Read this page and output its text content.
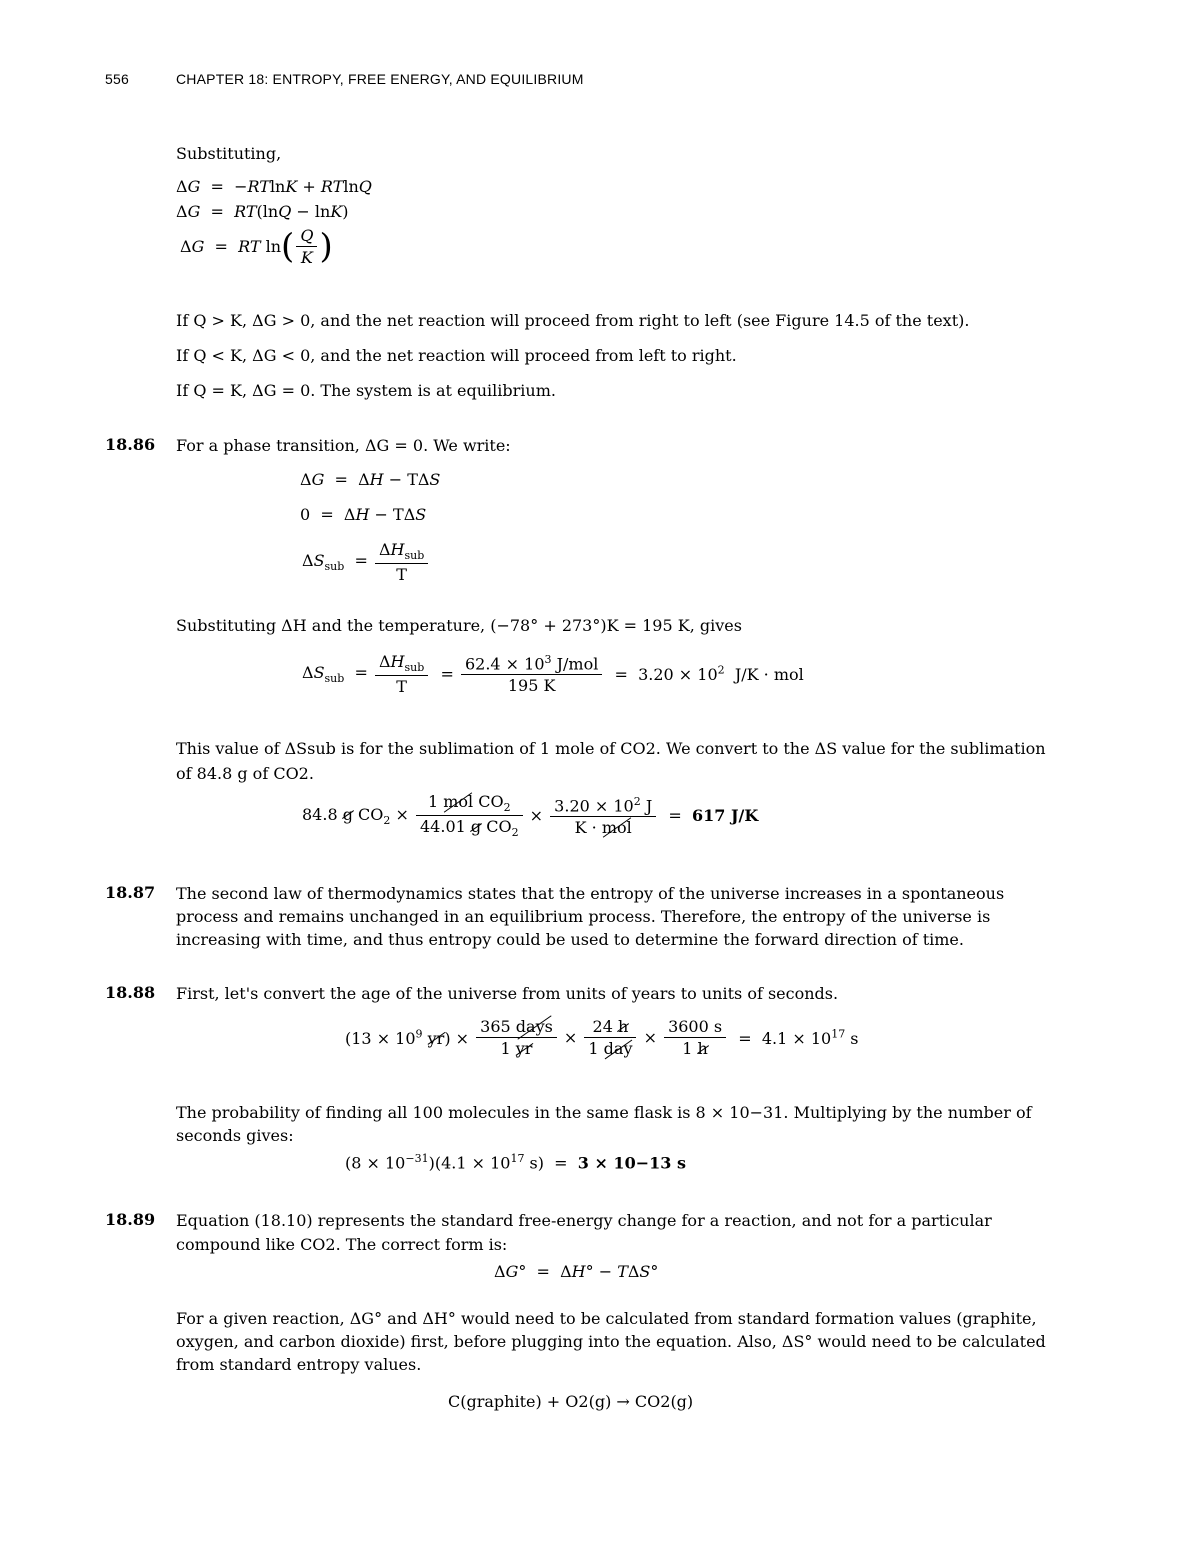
556	CHAPTER 18: ENTROPY, FREE ENERGY, AND EQUILIBRIUM
Substituting,
ΔG  =  −RTlnK + RTlnQ
ΔG  =  RT(lnQ − lnK)
ΔG  =  RT $\ln( \frac{Q}{K}$ )
If Q > K, ΔG > 0, and the net reaction will proceed from right to left (see Figure 14.5 of the text).
If Q < K, ΔG < 0, and the net reaction will proceed from left to right.
If Q = K, ΔG = 0. The system is at equilibrium.
18.86 For a phase transition, ΔG = 0. We write:
ΔG  =  ΔH − TΔS
0  =  ΔH − TΔS
$\Delta S_{sub} = \frac{\Delta H_{sub}}{T}$
Substituting ΔH and the temperature, (−78° + 273°)K = 195 K, gives
$\Delta S_{sub} = \frac{\Delta H_{sub}}{T} = \frac{62.4 \times 10^3 J/mol}{195 K} = 3.20 \times 10^2$  J/K · mol
This value of ΔSsub is for the sublimation of 1 mole of CO2. We convert to the ΔS value for the sublimation
of 84.8 g of CO2.
84.8 g $CO_2 \times \frac{1 mol CO_2}{44.01 g CO_2} \times \frac{3.20 \times 10^2 J}{\text{K · mol}} = 617$ J/K
18.87 The second law of thermodynamics states that the entropy of the universe increases in a spontaneous process and remains unchanged in an equilibrium process. Therefore, the entropy of the universe is increasing with time, and thus entropy could be used to determine the forward direction of time.
18.88 First, let's convert the age of the universe from units of years to units of seconds.
($13 \times 10^9$ $yr) \times \frac{\text{365 days}}{1 yr} \times \frac{24 h}{\text{1 day}} \times \frac{3600 s}{1 h} = 4.1 \times 10^{17}$ s
The probability of finding all 100 molecules in the same flask is 8 × 10−31. Multiplying by the number of seconds gives:
$(8 \times 10^{-31})(4.1 \times 10^{17}$ s)  =  3 × 10−13 s
18.89 Equation (18.10) represents the standard free-energy change for a reaction, and not for a particular compound like CO2. The correct form is:
ΔG°  =  ΔH° − TΔS°
For a given reaction, ΔG° and ΔH° would need to be calculated from standard formation values (graphite, oxygen, and carbon dioxide) first, before plugging into the equation. Also, ΔS° would need to be calculated from standard entropy values.
C(graphite) + O2(g) → CO2(g)
